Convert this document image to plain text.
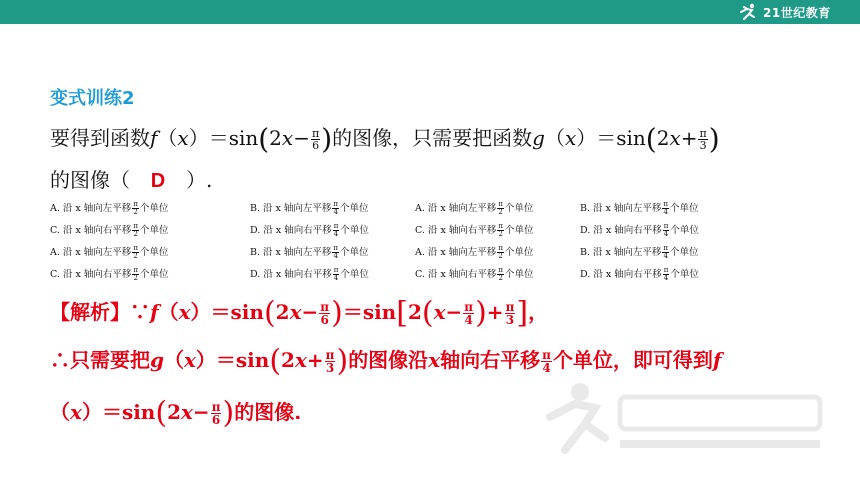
21世纪教育
变式训练2
要得到函数$f(x)=\sin(2x- \frac{\pi}{6}$ )的图像，只需要把函数$g(x)=\sin(2x+ \frac{\pi}{3}$ )
的图像（ D ）.
A. 沿 x 轴向左平移 $\frac{\pi}{2}$ 个单位	B. 沿 x 轴向左平移 $\frac{\pi}{4}$ 个单位	A. 沿 x 轴向左平移 $\frac{\pi}{2}$ 个单位	B. 沿 x 轴向左平移 $\frac{\pi}{4}$ 个单位
C. 沿 x 轴向右平移 $\frac{\pi}{2}$ 个单位	D. 沿 x 轴向右平移 $\frac{\pi}{4}$ 个单位	C. 沿 x 轴向右平移 $\frac{\pi}{2}$ 个单位	D. 沿 x 轴向右平移 $\frac{\pi}{4}$ 个单位
A. 沿 x 轴向左平移 $\frac{\pi}{2}$ 个单位	B. 沿 x 轴向左平移 $\frac{\pi}{4}$ 个单位	A. 沿 x 轴向左平移 $\frac{\pi}{2}$ 个单位	B. 沿 x 轴向左平移 $\frac{\pi}{4}$ 个单位
C. 沿 x 轴向右平移 $\frac{\pi}{2}$ 个单位	D. 沿 x 轴向右平移 $\frac{\pi}{4}$ 个单位	C. 沿 x 轴向右平移 $\frac{\pi}{2}$ 个单位	D. 沿 x 轴向右平移 $\frac{\pi}{4}$ 个单位
【解析】∵f（x）＝sin(2x− $\frac{\pi}{6} )=\sin[2(x- \frac{\pi}{4}$ )+ $\frac{\pi}{3}$ ]，
∴只需要把$g(x)=\sin(2x+ \frac{\pi}{3}$ )的图像沿x轴向右平移 $\frac{\pi}{4}$ 个单位，即可得到f
$(x)=\sin(2x- \frac{\pi}{6}$ )的图像.
